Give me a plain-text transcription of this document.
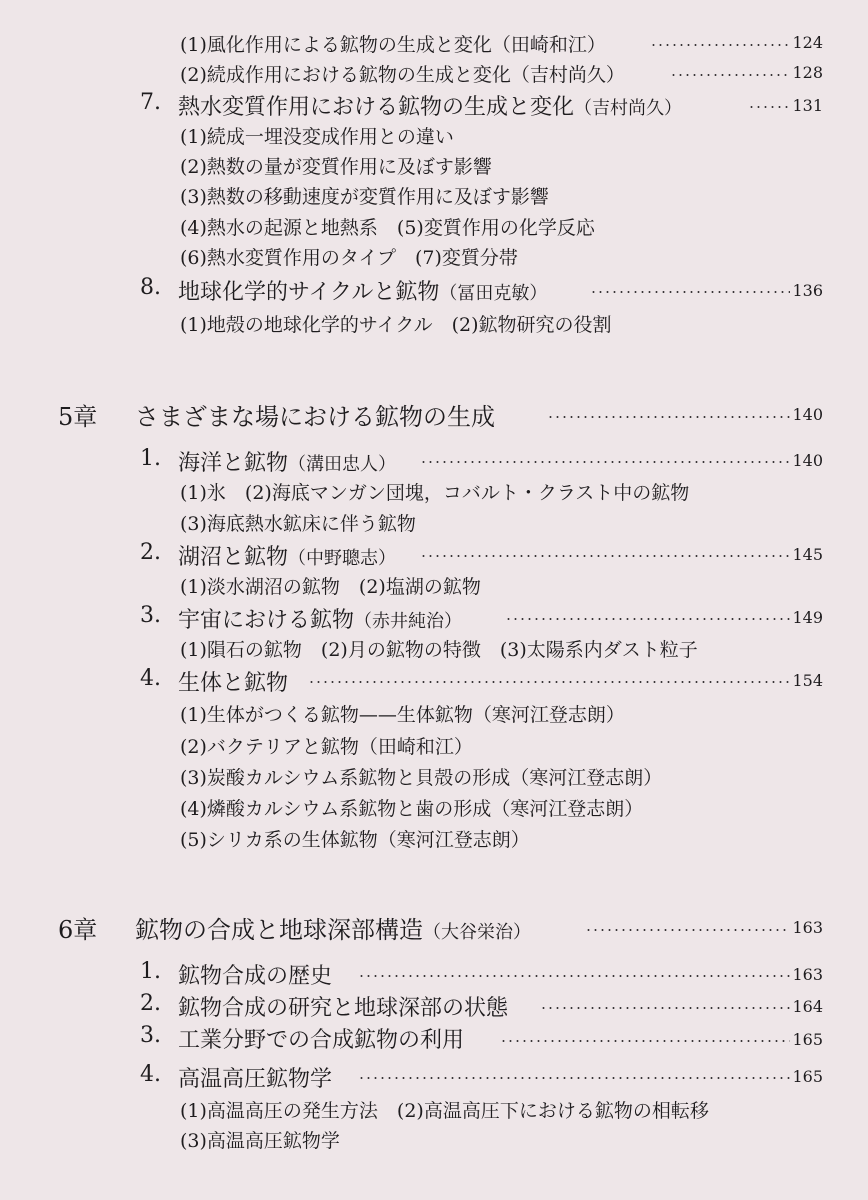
(1)風化作用による鉱物の生成と変化（田崎和江）	124
(2)続成作用における鉱物の生成と変化（吉村尚久）	128
7. 熱水変質作用における鉱物の生成と変化（吉村尚久）	131
(1)続成一埋没変成作用との違い
(2)熱数の量が変質作用に及ぼす影響
(3)熱数の移動速度が変質作用に及ぼす影響
(4)熱水の起源と地熱系　(5)変質作用の化学反応
(6)熱水変質作用のタイプ　(7)変質分帯
8. 地球化学的サイクルと鉱物（冨田克敏）	136
(1)地殻の地球化学的サイクル　(2)鉱物研究の役割
5章 さまざまな場における鉱物の生成	140
1. 海洋と鉱物（溝田忠人）	140
(1)氷　(2)海底マンガン団塊，コバルト・クラスト中の鉱物
(3)海底熱水鉱床に伴う鉱物
2. 湖沼と鉱物（中野聰志）	145
(1)淡水湖沼の鉱物　(2)塩湖の鉱物
3. 宇宙における鉱物（赤井純治）	149
(1)隕石の鉱物　(2)月の鉱物の特徴　(3)太陽系内ダスト粒子
4. 生体と鉱物	154
(1)生体がつくる鉱物——生体鉱物（寒河江登志朗）
(2)バクテリアと鉱物（田崎和江）
(3)炭酸カルシウム系鉱物と貝殻の形成（寒河江登志朗）
(4)燐酸カルシウム系鉱物と歯の形成（寒河江登志朗）
(5)シリカ系の生体鉱物（寒河江登志朗）
6章 鉱物の合成と地球深部構造（大谷栄治）	163
1. 鉱物合成の歴史	163
2. 鉱物合成の研究と地球深部の状態	164
3. 工業分野での合成鉱物の利用	165
4. 高温高圧鉱物学	165
(1)高温高圧の発生方法　(2)高温高圧下における鉱物の相転移
(3)高温高圧鉱物学
